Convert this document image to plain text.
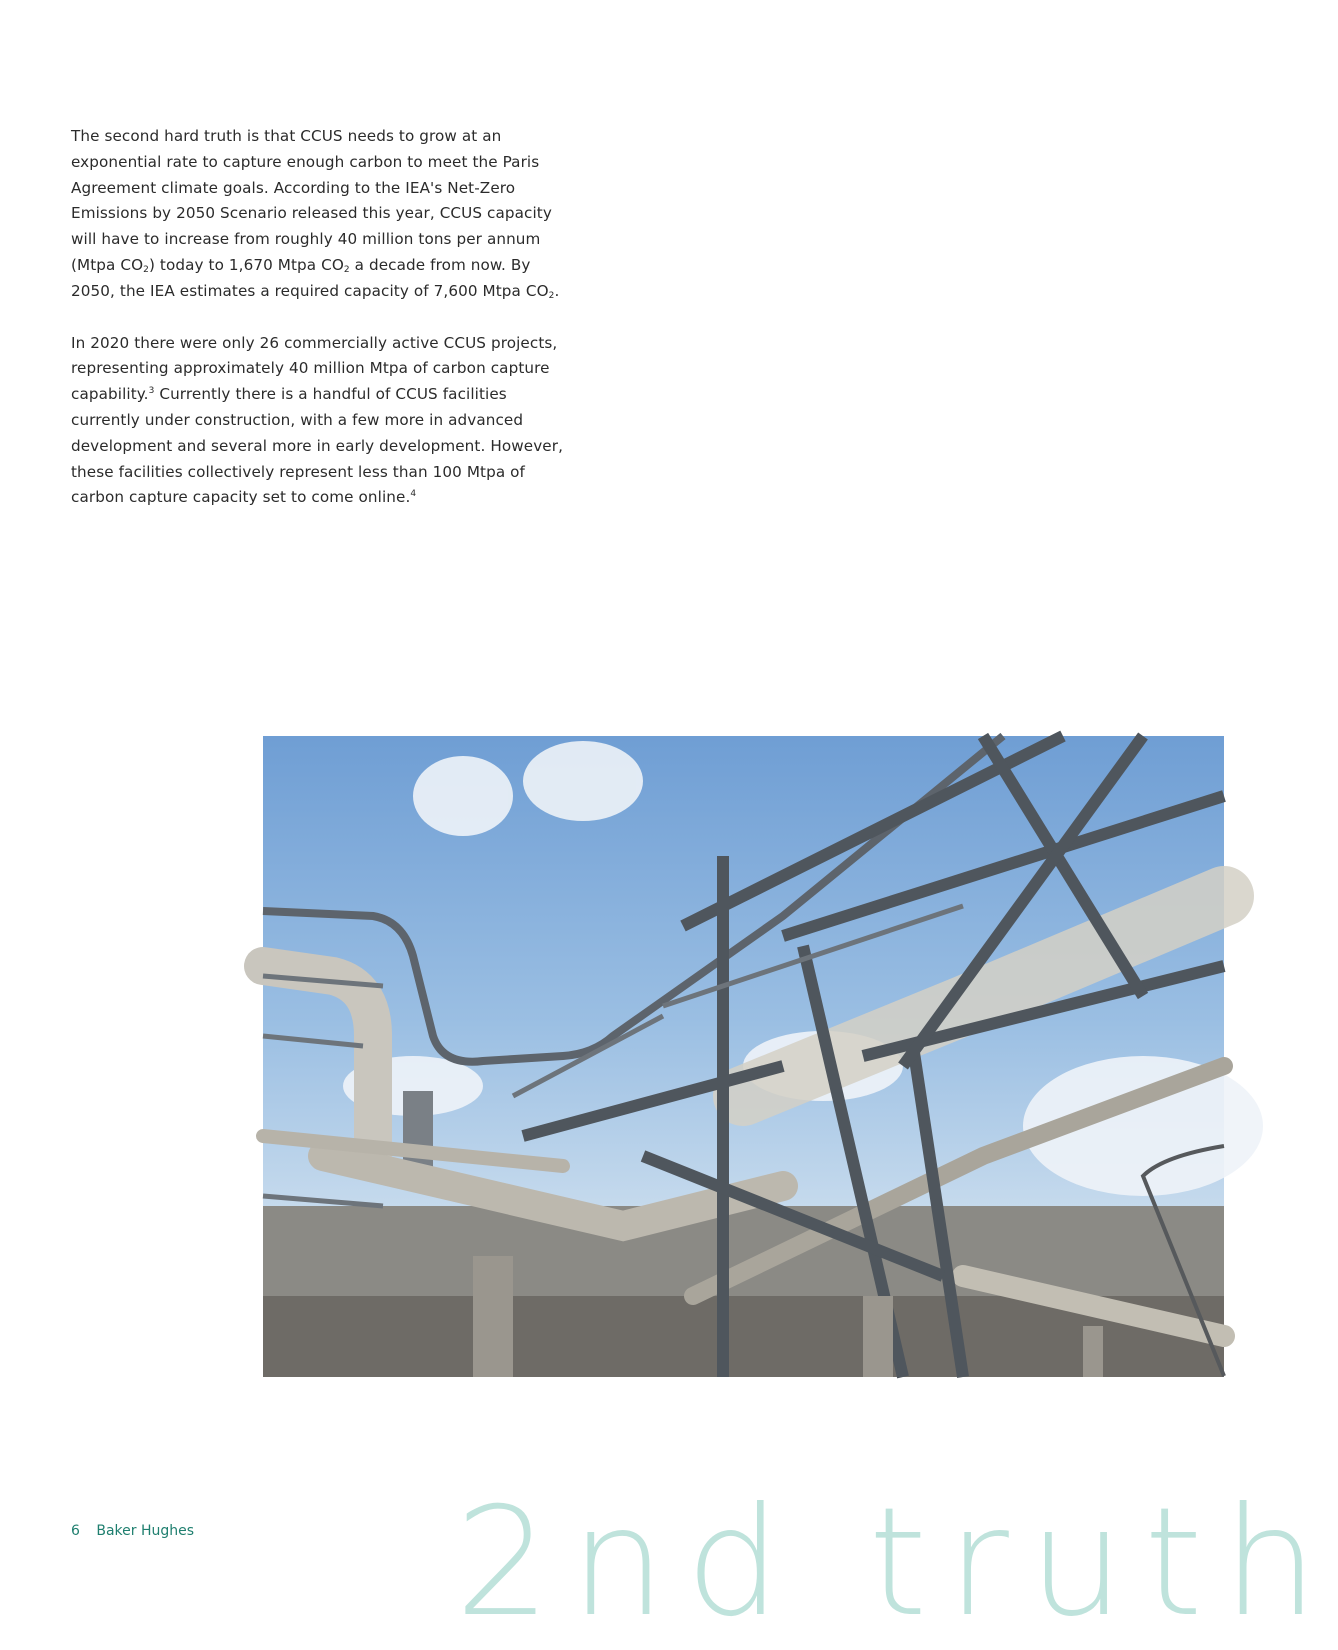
The second hard truth is that CCUS needs to grow at an exponential rate to capture enough carbon to meet the Paris Agreement climate goals. According to the IEA's Net-Zero Emissions by 2050 Scenario released this year, CCUS capacity will have to increase from roughly 40 million tons per annum (Mtpa $CO_2$) today to 1,670 Mtpa $CO_2$ a decade from now. By 2050, the IEA estimates a required capacity of 7,600 Mtpa $CO_2$.

In 2020 there were only 26 commercially active CCUS projects, representing approximately 40 million Mtpa of carbon capture capability.$^3$ Currently there is a handful of CCUS facilities currently under construction, with a few more in advanced development and several more in early development. However, these facilities collectively represent less than 100 Mtpa of carbon capture capacity set to come online.$^4$

6 Baker Hughes 2nd truth
